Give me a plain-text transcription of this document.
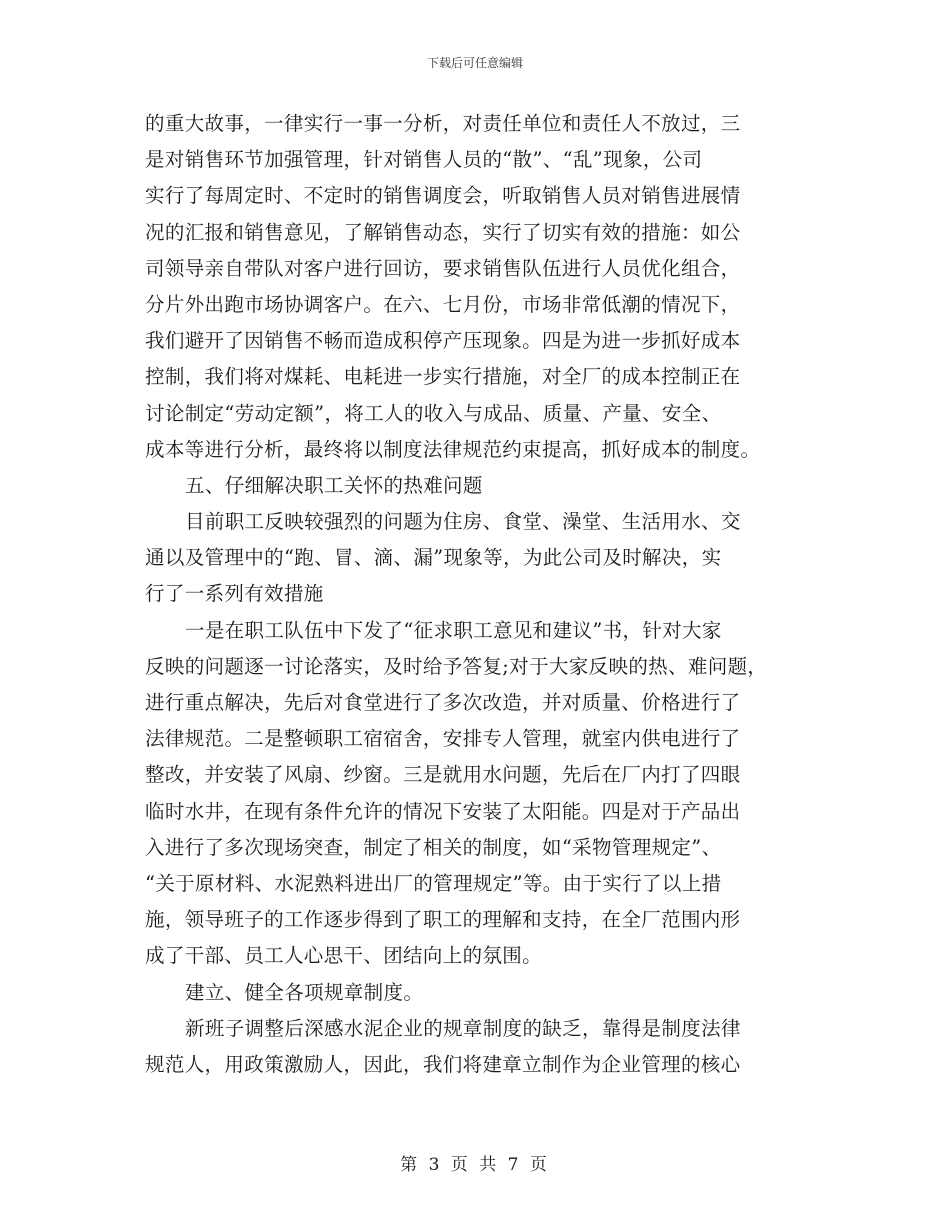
下载后可任意编辑
的重大故事，一律实行一事一分析，对责任单位和责任人不放过，三
是对销售环节加强管理，针对销售人员的“散”、“乱”现象，公司
实行了每周定时、不定时的销售调度会，听取销售人员对销售进展情
况的汇报和销售意见，了解销售动态，实行了切实有效的措施：如公
司领导亲自带队对客户进行回访，要求销售队伍进行人员优化组合，
分片外出跑市场协调客户。在六、七月份，市场非常低潮的情况下，
我们避开了因销售不畅而造成积停产压现象。四是为进一步抓好成本
控制，我们将对煤耗、电耗进一步实行措施，对全厂的成本控制正在
讨论制定“劳动定额”，将工人的收入与成品、质量、产量、安全、
成本等进行分析，最终将以制度法律规范约束提高，抓好成本的制度。
五、仔细解决职工关怀的热难问题
目前职工反映较强烈的问题为住房、食堂、澡堂、生活用水、交
通以及管理中的“跑、冒、滴、漏”现象等，为此公司及时解决，实
行了一系列有效措施
一是在职工队伍中下发了“征求职工意见和建议”书，针对大家
反映的问题逐一讨论落实，及时给予答复;对于大家反映的热、难问题，
进行重点解决，先后对食堂进行了多次改造，并对质量、价格进行了
法律规范。二是整顿职工宿宿舍，安排专人管理，就室内供电进行了
整改，并安装了风扇、纱窗。三是就用水问题，先后在厂内打了四眼
临时水井，在现有条件允许的情况下安装了太阳能。四是对于产品出
入进行了多次现场突查，制定了相关的制度，如“采物管理规定”、
“关于原材料、水泥熟料进出厂的管理规定”等。由于实行了以上措
施，领导班子的工作逐步得到了职工的理解和支持，在全厂范围内形
成了干部、员工人心思干、团结向上的氛围。
建立、健全各项规章制度。
新班子调整后深感水泥企业的规章制度的缺乏，靠得是制度法律
规范人，用政策激励人，因此，我们将建章立制作为企业管理的核心
第 3 页 共 7 页
